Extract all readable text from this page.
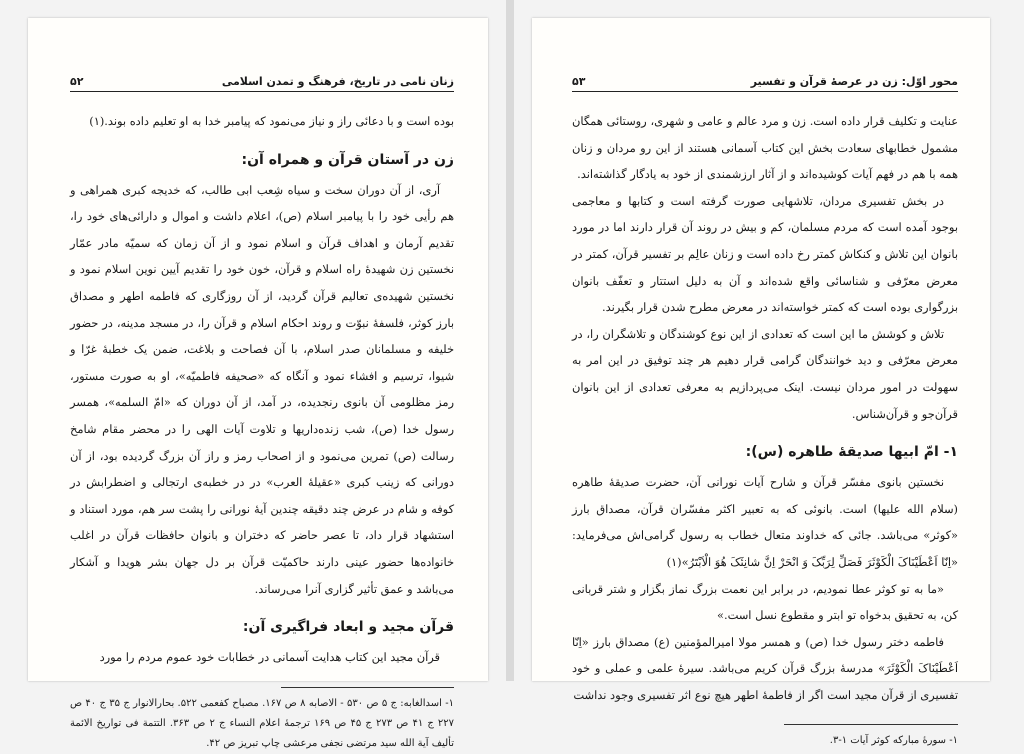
زنان نامی در تاریخ، فرهنگ و تمدن اسلامی
۵۲

بوده است و با دعائی راز و نیاز می‌نمود که پیامبر خدا به او تعلیم داده بوند.(۱)

زن در آستان قرآن و همراه آن:

آری، از آن دوران سخت و سیاه شِعب ابی طالب، که خدیجه کبری همراهی و هم رأیی خود را با پیامبر اسلام (ص)، اعلام داشت و اموال و دارائی‌های خود را، تقدیم آرمان و اهداف قرآن و اسلام نمود و از آن زمان که سمیّه مادر عمّار نخستین زن شهیدهٔ راه اسلام و قرآن، خون خود را تقدیم آیین نوین اسلام نمود و نخستین شهیده‌ی تعالیم قرآن گردید، از آن روزگاری که فاطمه اطهر و مصداق بارز کوثر، فلسفهٔ نبوّت و روند احکام اسلام و قرآن را، در مسجد مدینه، در حضور خلیفه و مسلمانان صدر اسلام، با آن فصاحت و بلاغت، ضمن یک خطبهٔ غرّا و شیوا، ترسیم و افشاء نمود و آنگاه که «صحیفه فاطمیّه»، او به صورت مستور، رمز مظلومی آن بانوی رنجدیده، در آمد، از آن دوران که «امّ السلمه»، همسر رسول خدا (ص)، شب زنده‌داریها و تلاوت آیات الهی را در محضر مقام شامخ رسالت (ص) تمرین می‌نمود و از اصحاب رمز و راز آن بزرگ گردیده بود، از آن دورانی که زینب کبری «عقیلهٔ العرب» در در خطبه‌ی ارتجالی و اضطرابش در کوفه و شام در عرض چند دقیقه چندین آیهٔ نورانی را پشت سر هم، مورد استناد و استشهاد قرار داد، تا عصر حاضر که دختران و بانوان حافظات قرآن در اغلب خانواده‌ها حضور عینی دارند حاکمیّت قرآن بر دل جهان بشر هویدا و آشکار می‌باشد و عمق تأثیر گزاری آنرا می‌رساند.

قرآن مجید و ابعاد فراگیری آن:

قرآن مجید این کتاب هدایت آسمانی در خطابات خود عموم مردم را مورد

۱- اسدالغابه: ج ۵ ص ۵۳۰ - الاصابه ۸ ص ۱۶۷. مصباح کفعمی ۵۲۲. بحارالانوار ج ۳۵ ج ۴۰ ص ۲۲۷ ج ۴۱ ص ۲۷۳ ج ۴۵ ص ۱۶۹ ترجمهٔ اعلام النساء ج ۲ ص ۳۶۳. التتمة فی تواریخ الائمة تألیف آیة الله سید مرتضی نجفی مرعشی چاپ تبریز ص ۴۲.

محور اوّل: زن در عرصهٔ قرآن و تفسیر
۵۳

عنایت و تکلیف قرار داده است. زن و مرد عالم و عامی و شهری، روستائی همگان مشمول خطابهای سعادت بخش این کتاب آسمانی هستند از این رو مردان و زنان همه با هم در فهم آیات کوشیده‌اند و از آثار ارزشمندی از خود به یادگار گذاشته‌اند.

در بخش تفسیری مردان، تلاشهایی صورت گرفته است و کتابها و معاجمی بوجود آمده است که مردم مسلمان، کم و بیش در روند آن قرار دارند اما در مورد بانوان این تلاش و کنکاش کمتر رخ داده است و زنان عالِم بر تفسیر قرآن، کمتر در معرض معرّفی و شناسائی واقع شده‌اند و آن به دلیل استتار و تعفّف بانوان بزرگواری بوده است که کمتر خواسته‌اند در معرض مطرح شدن قرار بگیرند.

تلاش و کوشش ما این است که تعدادی از این نوع کوشندگان و تلاشگران را، در معرض معرّفی و دید خوانندگان گرامی قرار دهیم هر چند توفیق در این امر به سهولت در امور مردان نیست. اینک می‌پردازیم به معرفی تعدادی از این بانوان قرآن‌جو و قرآن‌شناس.

۱- امّ ابیها صدیقهٔ طاهره (س):

نخستین بانوی مفسّر قرآن و شارح آیات نورانی آن، حضرت صدیقهٔ طاهره (سلام الله علیها) است. بانوئی که به تعبیر اکثر مفسّران قرآن، مصداق بارز «کوثر» می‌باشد. جائی که خداوند متعال خطاب به رسول گرامی‌اش می‌فرماید: «اِنّا اَعْطَیْنَاکَ الْکَوْثَرَ فَصَلِّ لِرَبِّکَ وَ انْحَرْ اِنَّ شانِئَکَ هُوَ الْاَبْتَرُ»(۱)

«ما به تو کوثر عطا نمودیم، در برابر این نعمت بزرگ نماز بگزار و شتر قربانی کن، به تحقیق بدخواه تو ابتر و مقطوع نسل است.»

فاطمه دختر رسول خدا (ص) و همسر مولا امیرالمؤمنین (ع) مصداق بارز «اِنّا اَعْطَیْنَاکَ الْکَوْثَرَ» مدرسهٔ بزرگ قرآن کریم می‌باشد. سیرهٔ علمی و عملی و خود تفسیری از قرآن مجید است اگر از فاطمهٔ اطهر هیچ نوع اثر تفسیری وجود نداشت

۱- سورهٔ مبارکه کوثر آیات ۱-۳.
